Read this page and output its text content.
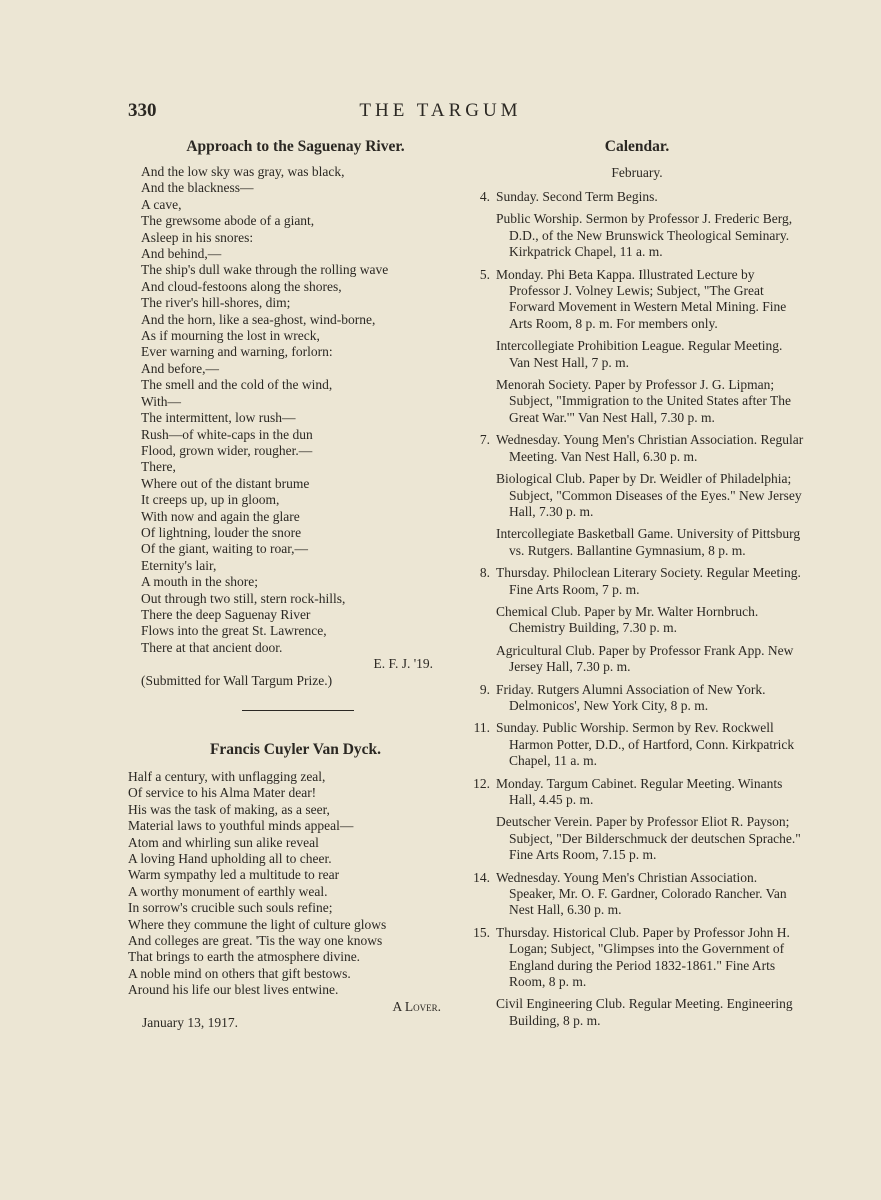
330	THE TARGUM
Approach to the Saguenay River.
And the low sky was gray, was black,
And the blackness—
A cave,
The grewsome abode of a giant,
Asleep in his snores:
And behind,—
The ship's dull wake through the rolling wave
And cloud-festoons along the shores,
The river's hill-shores, dim;
And the horn, like a sea-ghost, wind-borne,
As if mourning the lost in wreck,
Ever warning and warning, forlorn:
And before,—
The smell and the cold of the wind,
With—
The intermittent, low rush—
Rush—of white-caps in the dun
Flood, grown wider, rougher.—
There,
Where out of the distant brume
It creeps up, up in gloom,
With now and again the glare
Of lightning, louder the snore
Of the giant, waiting to roar,—
Eternity's lair,
A mouth in the shore;
Out through two still, stern rock-hills,
There the deep Saguenay River
Flows into the great St. Lawrence,
There at that ancient door.
E. F. J. '19.
(Submitted for Wall Targum Prize.)
Francis Cuyler Van Dyck.
Half a century, with unflagging zeal,
Of service to his Alma Mater dear!
His was the task of making, as a seer,
Material laws to youthful minds appeal—
Atom and whirling sun alike reveal
A loving Hand upholding all to cheer.
Warm sympathy led a multitude to rear
A worthy monument of earthly weal.
In sorrow's crucible such souls refine;
Where they commune the light of culture glows
And colleges are great. 'Tis the way one knows
That brings to earth the atmosphere divine.
A noble mind on others that gift bestows.
Around his life our blest lives entwine.
A Lover.
January 13, 1917.
Calendar.
February.
4. Sunday. Second Term Begins.
Public Worship. Sermon by Professor J. Frederic Berg, D.D., of the New Brunswick Theological Seminary. Kirkpatrick Chapel, 11 a. m.
5. Monday. Phi Beta Kappa. Illustrated Lecture by Professor J. Volney Lewis; Subject, "The Great Forward Movement in Western Metal Mining. Fine Arts Room, 8 p. m. For members only.
Intercollegiate Prohibition League. Regular Meeting. Van Nest Hall, 7 p. m.
Menorah Society. Paper by Professor J. G. Lipman; Subject, "Immigration to the United States after The Great War.'" Van Nest Hall, 7.30 p. m.
7. Wednesday. Young Men's Christian Association. Regular Meeting. Van Nest Hall, 6.30 p. m.
Biological Club. Paper by Dr. Weidler of Philadelphia; Subject, "Common Diseases of the Eyes." New Jersey Hall, 7.30 p. m.
Intercollegiate Basketball Game. University of Pittsburg vs. Rutgers. Ballantine Gymnasium, 8 p. m.
8. Thursday. Philoclean Literary Society. Regular Meeting. Fine Arts Room, 7 p. m.
Chemical Club. Paper by Mr. Walter Hornbruch. Chemistry Building, 7.30 p. m.
Agricultural Club. Paper by Professor Frank App. New Jersey Hall, 7.30 p. m.
9. Friday. Rutgers Alumni Association of New York. Delmonicos', New York City, 8 p. m.
11. Sunday. Public Worship. Sermon by Rev. Rockwell Harmon Potter, D.D., of Hartford, Conn. Kirkpatrick Chapel, 11 a. m.
12. Monday. Targum Cabinet. Regular Meeting. Winants Hall, 4.45 p. m.
Deutscher Verein. Paper by Professor Eliot R. Payson; Subject, "Der Bilderschmuck der deutschen Sprache." Fine Arts Room, 7.15 p. m.
14. Wednesday. Young Men's Christian Association. Speaker, Mr. O. F. Gardner, Colorado Rancher. Van Nest Hall, 6.30 p. m.
15. Thursday. Historical Club. Paper by Professor John H. Logan; Subject, "Glimpses into the Government of England during the Period 1832-1861." Fine Arts Room, 8 p. m.
Civil Engineering Club. Regular Meeting. Engineering Building, 8 p. m.
